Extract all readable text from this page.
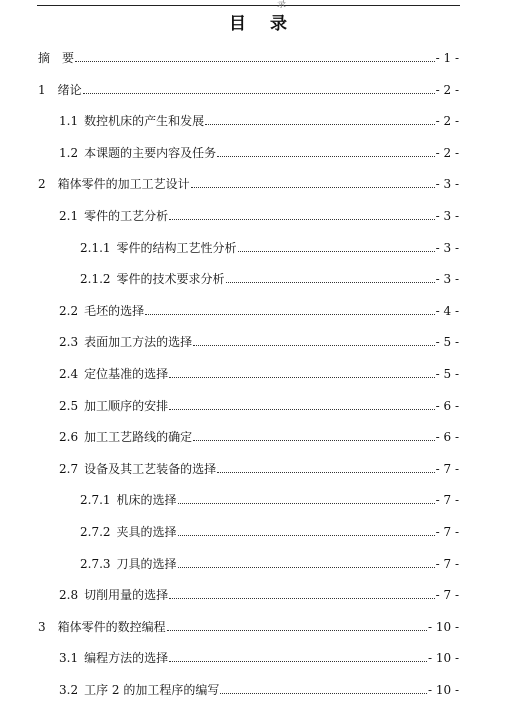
录
目 录
摘 要	- 1 -
1 绪论	- 2 -
1.1 数控机床的产生和发展	- 2 -
1.2 本课题的主要内容及任务	- 2 -
2 箱体零件的加工工艺设计	- 3 -
2.1 零件的工艺分析	- 3 -
2.1.1 零件的结构工艺性分析	- 3 -
2.1.2 零件的技术要求分析	- 3 -
2.2 毛坯的选择	- 4 -
2.3 表面加工方法的选择	- 5 -
2.4 定位基准的选择	- 5 -
2.5 加工顺序的安排	- 6 -
2.6 加工工艺路线的确定	- 6 -
2.7 设备及其工艺装备的选择	- 7 -
2.7.1 机床的选择	- 7 -
2.7.2 夹具的选择	- 7 -
2.7.3 刀具的选择	- 7 -
2.8 切削用量的选择	- 7 -
3 箱体零件的数控编程	- 10 -
3.1 编程方法的选择	- 10 -
3.2 工序 2 的加工程序的编写	- 10 -
